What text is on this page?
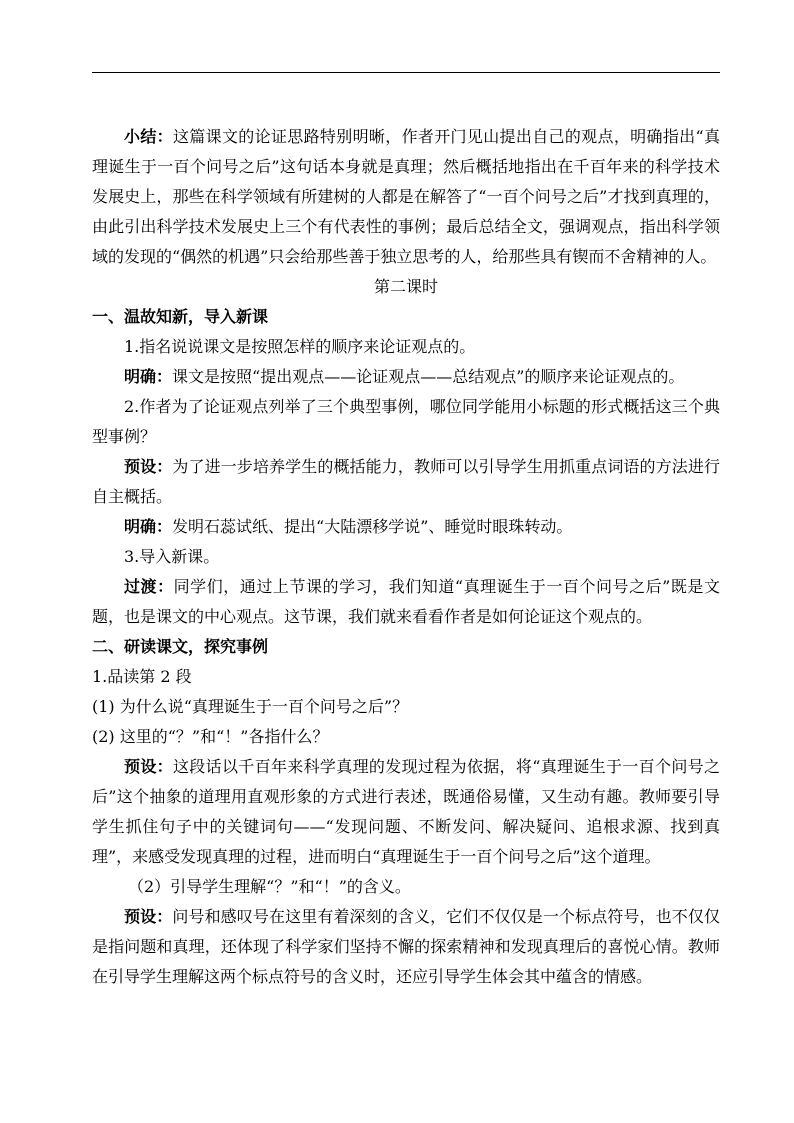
小结：这篇课文的论证思路特别明晰，作者开门见山提出自己的观点，明确指出“真理诞生于一百个问号之后”这句话本身就是真理；然后概括地指出在千百年来的科学技术发展史上，那些在科学领域有所建树的人都是在解答了“一百个问号之后”才找到真理的，由此引出科学技术发展史上三个有代表性的事例；最后总结全文，强调观点，指出科学领域的发现的“偶然的机遇”只会给那些善于独立思考的人，给那些具有锲而不舍精神的人。

第二课时

一、温故知新，导入新课

1.指名说说课文是按照怎样的顺序来论证观点的。

明确：课文是按照“提出观点——论证观点——总结观点”的顺序来论证观点的。

2.作者为了论证观点列举了三个典型事例，哪位同学能用小标题的形式概括这三个典型事例？

预设：为了进一步培养学生的概括能力，教师可以引导学生用抓重点词语的方法进行自主概括。

明确：发明石蕊试纸、提出“大陆漂移学说”、睡觉时眼珠转动。

3.导入新课。

过渡：同学们，通过上节课的学习，我们知道“真理诞生于一百个问号之后”既是文题，也是课文的中心观点。这节课，我们就来看看作者是如何论证这个观点的。

二、研读课文，探究事例

1.品读第 2 段

(1) 为什么说“真理诞生于一百个问号之后”？

(2) 这里的“？”和“！”各指什么？

预设：这段话以千百年来科学真理的发现过程为依据，将“真理诞生于一百个问号之后”这个抽象的道理用直观形象的方式进行表述，既通俗易懂，又生动有趣。教师要引导学生抓住句子中的关键词句——“发现问题、不断发问、解决疑问、追根求源、找到真理”，来感受发现真理的过程，进而明白“真理诞生于一百个问号之后”这个道理。

（2）引导学生理解“？”和“！”的含义。

预设：问号和感叹号在这里有着深刻的含义，它们不仅仅是一个标点符号，也不仅仅是指问题和真理，还体现了科学家们坚持不懈的探索精神和发现真理后的喜悦心情。教师在引导学生理解这两个标点符号的含义时，还应引导学生体会其中蕴含的情感。
